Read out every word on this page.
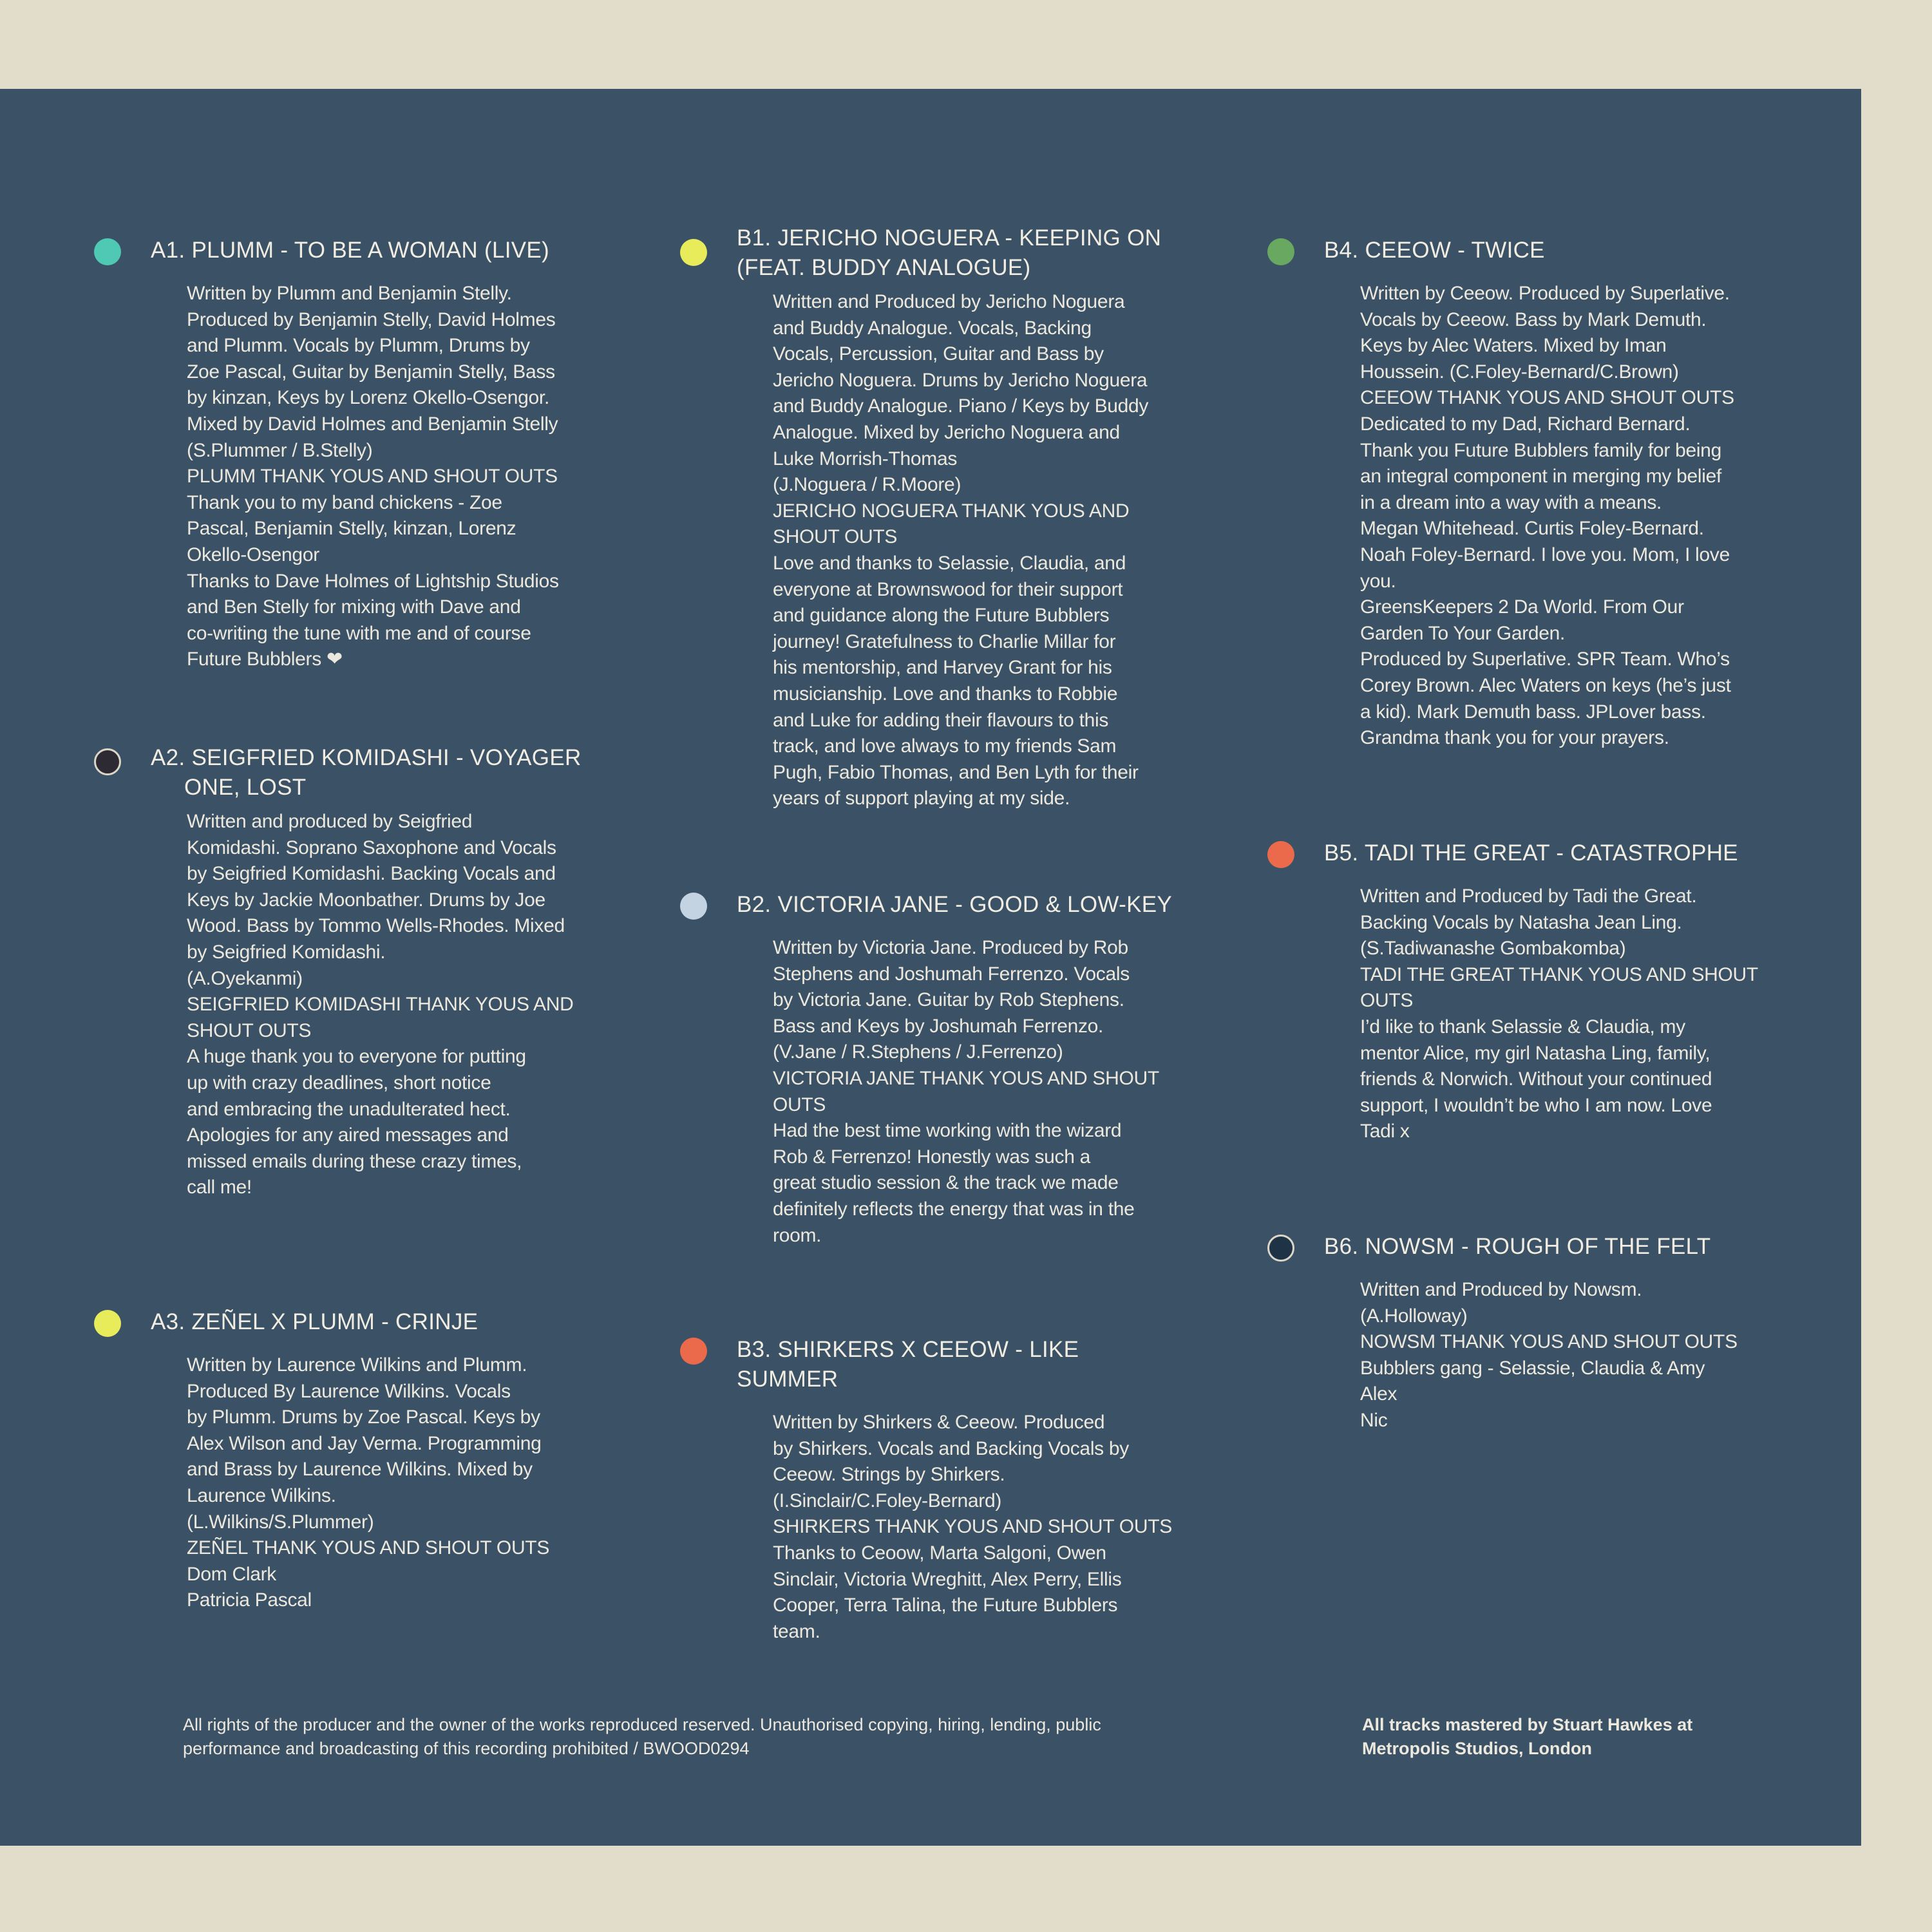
A1. PLUMM - TO BE A WOMAN (LIVE)

Written by Plumm and Benjamin Stelly.

Produced by Benjamin Stelly, David Holmes

and Plumm. Vocals by Plumm, Drums by

Zoe Pascal, Guitar by Benjamin Stelly, Bass

by kinzan, Keys by Lorenz Okello-Osengor.

Mixed by David Holmes and Benjamin Stelly

(S.Plummer / B.Stelly)

PLUMM THANK YOUS AND SHOUT OUTS

Thank you to my band chickens - Zoe

Pascal, Benjamin Stelly, kinzan, Lorenz

Okello-Osengor

Thanks to Dave Holmes of Lightship Studios

and Ben Stelly for mixing with Dave and

co-writing the tune with me and of course

Future Bubblers ❤

A2. SEIGFRIED KOMIDASHI - VOYAGER
ONE, LOST

Written and produced by Seigfried

Komidashi. Soprano Saxophone and Vocals

by Seigfried Komidashi. Backing Vocals and

Keys by Jackie Moonbather. Drums by Joe

Wood. Bass by Tommo Wells-Rhodes. Mixed

by Seigfried Komidashi.

(A.Oyekanmi)

SEIGFRIED KOMIDASHI THANK YOUS AND

SHOUT OUTS

A huge thank you to everyone for putting

up with crazy deadlines, short notice

and embracing the unadulterated hect.

Apologies for any aired messages and

missed emails during these crazy times,

call me!

A3. ZEÑEL X PLUMM - CRINJE

Written by Laurence Wilkins and Plumm.

Produced By Laurence Wilkins. Vocals

by Plumm. Drums by Zoe Pascal. Keys by

Alex Wilson and Jay Verma. Programming

and Brass by Laurence Wilkins. Mixed by

Laurence Wilkins.

(L.Wilkins/S.Plummer)

ZEÑEL THANK YOUS AND SHOUT OUTS

Dom Clark

Patricia Pascal

B1. JERICHO NOGUERA - KEEPING ON
(FEAT. BUDDY ANALOGUE)

Written and Produced by Jericho Noguera

and Buddy Analogue. Vocals, Backing

Vocals, Percussion, Guitar and Bass by

Jericho Noguera. Drums by Jericho Noguera

and Buddy Analogue. Piano / Keys by Buddy

Analogue. Mixed by Jericho Noguera and

Luke Morrish-Thomas

(J.Noguera / R.Moore)

JERICHO NOGUERA THANK YOUS AND

SHOUT OUTS

Love and thanks to Selassie, Claudia, and

everyone at Brownswood for their support

and guidance along the Future Bubblers

journey! Gratefulness to Charlie Millar for

his mentorship, and Harvey Grant for his

musicianship. Love and thanks to Robbie

and Luke for adding their flavours to this

track, and love always to my friends Sam

Pugh, Fabio Thomas, and Ben Lyth for their

years of support playing at my side.

B2. VICTORIA JANE - GOOD & LOW-KEY

Written by Victoria Jane. Produced by Rob

Stephens and Joshumah Ferrenzo. Vocals

by Victoria Jane. Guitar by Rob Stephens.

Bass and Keys by Joshumah Ferrenzo.

(V.Jane / R.Stephens / J.Ferrenzo)

VICTORIA JANE THANK YOUS AND SHOUT

OUTS

Had the best time working with the wizard

Rob & Ferrenzo! Honestly was such a

great studio session & the track we made

definitely reflects the energy that was in the

room.

B3. SHIRKERS X CEEOW - LIKE SUMMER

Written by Shirkers & Ceeow. Produced

by Shirkers. Vocals and Backing Vocals by

Ceeow. Strings by Shirkers.

(I.Sinclair/C.Foley-Bernard)

SHIRKERS THANK YOUS AND SHOUT OUTS

Thanks to Ceoow, Marta Salgoni, Owen

Sinclair, Victoria Wreghitt, Alex Perry, Ellis

Cooper, Terra Talina, the Future Bubblers

team.

B4. CEEOW - TWICE

Written by Ceeow. Produced by Superlative.

Vocals by Ceeow. Bass by Mark Demuth.

Keys by Alec Waters. Mixed by Iman

Houssein. (C.Foley-Bernard/C.Brown)

CEEOW THANK YOUS AND SHOUT OUTS

Dedicated to my Dad, Richard Bernard.

Thank you Future Bubblers family for being

an integral component in merging my belief

in a dream into a way with a means.

Megan Whitehead. Curtis Foley-Bernard.

Noah Foley-Bernard. I love you. Mom, I love

you.

GreensKeepers 2 Da World. From Our

Garden To Your Garden.

Produced by Superlative. SPR Team. Who’s

Corey Brown. Alec Waters on keys (he’s just

a kid). Mark Demuth bass. JPLover bass.

Grandma thank you for your prayers.

B5. TADI THE GREAT - CATASTROPHE

Written and Produced by Tadi the Great.

Backing Vocals by Natasha Jean Ling.

(S.Tadiwanashe Gombakomba)

TADI THE GREAT THANK YOUS AND SHOUT

OUTS

I’d like to thank Selassie & Claudia, my

mentor Alice, my girl Natasha Ling, family,

friends & Norwich. Without your continued

support, I wouldn’t be who I am now. Love

Tadi x

B6. NOWSM - ROUGH OF THE FELT

Written and Produced by Nowsm.

(A.Holloway)

NOWSM THANK YOUS AND SHOUT OUTS

Bubblers gang - Selassie, Claudia & Amy

Alex

Nic

All rights of the producer and the owner of the works reproduced reserved. Unauthorised copying, hiring, lending, public
performance and broadcasting of this recording prohibited / BWOOD0294

All tracks mastered by Stuart Hawkes at
Metropolis Studios, London
